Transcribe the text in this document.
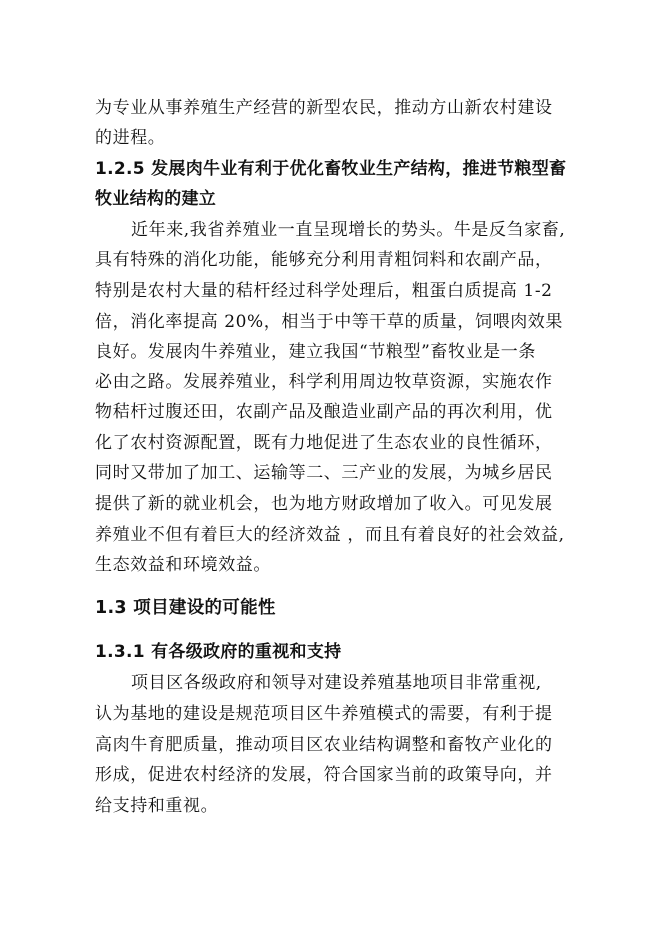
为专业从事养殖生产经营的新型农民，推动方山新农村建设
的进程。
1.2.5 发展肉牛业有利于优化畜牧业生产结构，推进节粮型畜
牧业结构的建立
近年来,我省养殖业一直呈现增长的势头。牛是反刍家畜,
具有特殊的消化功能，能够充分利用青粗饲料和农副产品，
特别是农村大量的秸杆经过科学处理后，粗蛋白质提高 1-2
倍，消化率提高 20%，相当于中等干草的质量，饲喂肉效果
良好。发展肉牛养殖业，建立我国“节粮型”畜牧业是一条
必由之路。发展养殖业，科学利用周边牧草资源，实施农作
物秸杆过腹还田，农副产品及酿造业副产品的再次利用，优
化了农村资源配置，既有力地促进了生态农业的良性循环，
同时又带加了加工、运输等二、三产业的发展，为城乡居民
提供了新的就业机会，也为地方财政增加了收入。可见发展
养殖业不但有着巨大的经济效益 ，而且有着良好的社会效益,
生态效益和环境效益。
1.3 项目建设的可能性
1.3.1 有各级政府的重视和支持
项目区各级政府和领导对建设养殖基地项目非常重视,
认为基地的建设是规范项目区牛养殖模式的需要，有利于提
高肉牛育肥质量，推动项目区农业结构调整和畜牧产业化的
形成，促进农村经济的发展，符合国家当前的政策导向，并
给支持和重视。
